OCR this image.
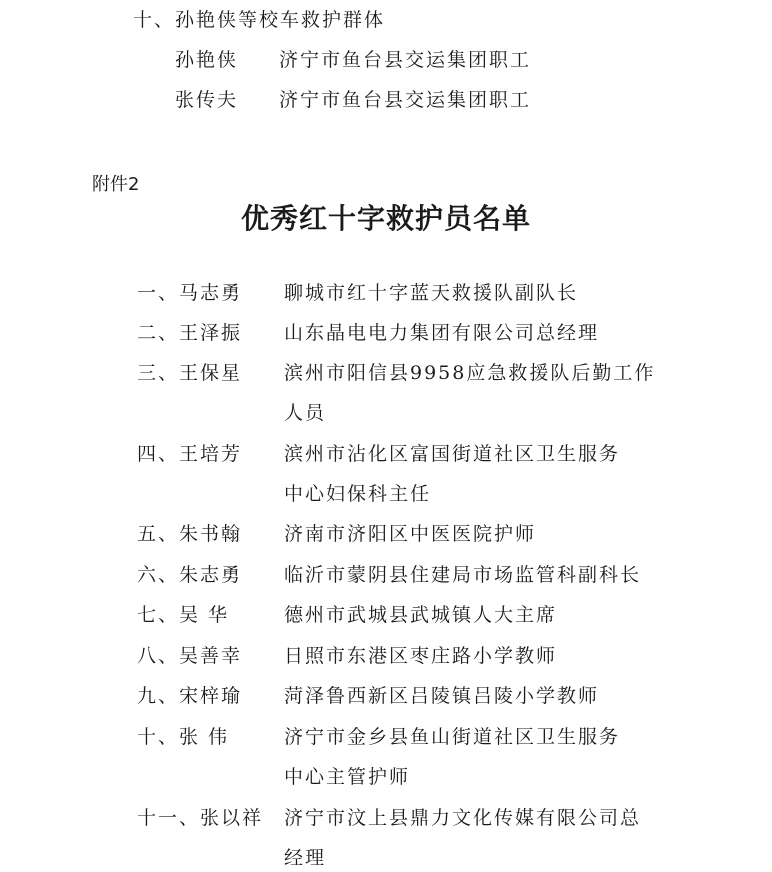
十、孙艳侠等校车救护群体
孙艳侠 济宁市鱼台县交运集团职工
张传夫 济宁市鱼台县交运集团职工
附件2
优秀红十字救护员名单
一、马志勇 聊城市红十字蓝天救援队副队长
二、王泽振 山东晶电电力集团有限公司总经理
三、王保星 滨州市阳信县9958应急救援队后勤工作
人员
四、王培芳 滨州市沾化区富国街道社区卫生服务
中心妇保科主任
五、朱书翰 济南市济阳区中医医院护师
六、朱志勇 临沂市蒙阴县住建局市场监管科副科长
七、吴 华	德州市武城县武城镇人大主席
八、吴善幸 日照市东港区枣庄路小学教师
九、宋梓瑜 菏泽鲁西新区吕陵镇吕陵小学教师
十、张 伟	济宁市金乡县鱼山街道社区卫生服务
中心主管护师
十一、张以祥 济宁市汶上县鼎力文化传媒有限公司总
经理
